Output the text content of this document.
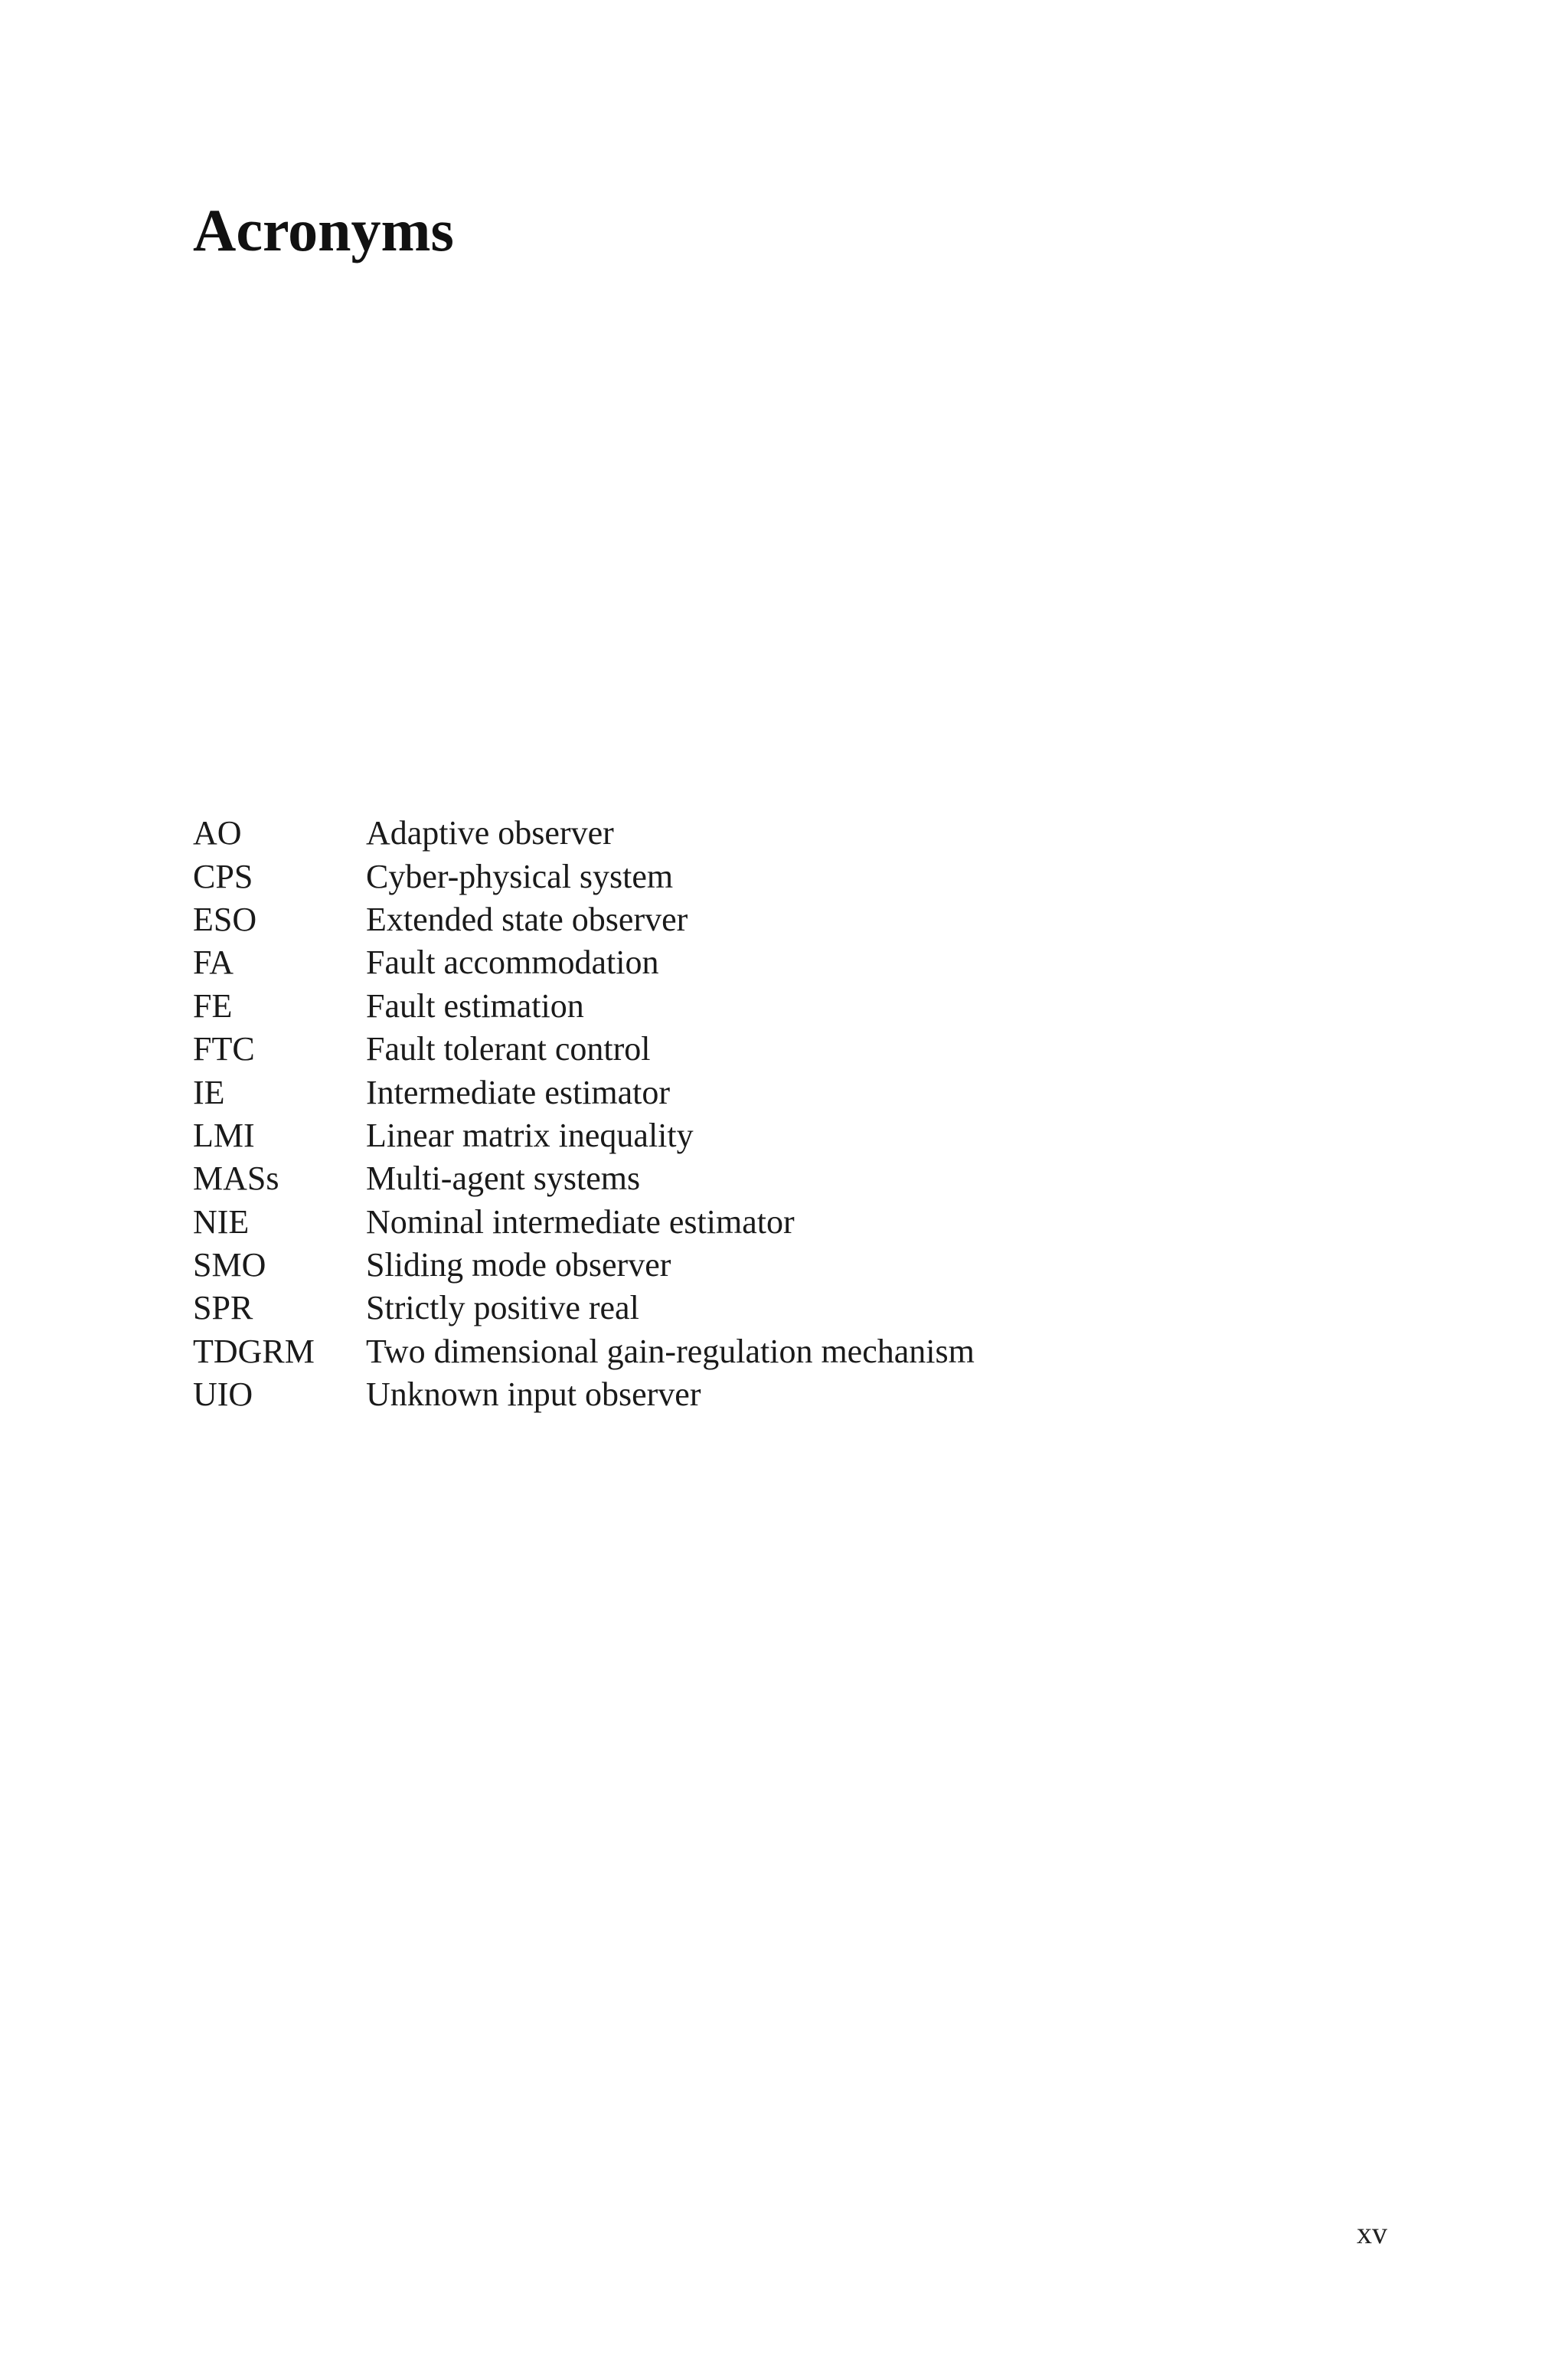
Acronyms
AO	Adaptive observer
CPS	Cyber-physical system
ESO	Extended state observer
FA	Fault accommodation
FE	Fault estimation
FTC	Fault tolerant control
IE	Intermediate estimator
LMI	Linear matrix inequality
MASs	Multi-agent systems
NIE	Nominal intermediate estimator
SMO	Sliding mode observer
SPR	Strictly positive real
TDGRM	Two dimensional gain-regulation mechanism
UIO	Unknown input observer
xv
